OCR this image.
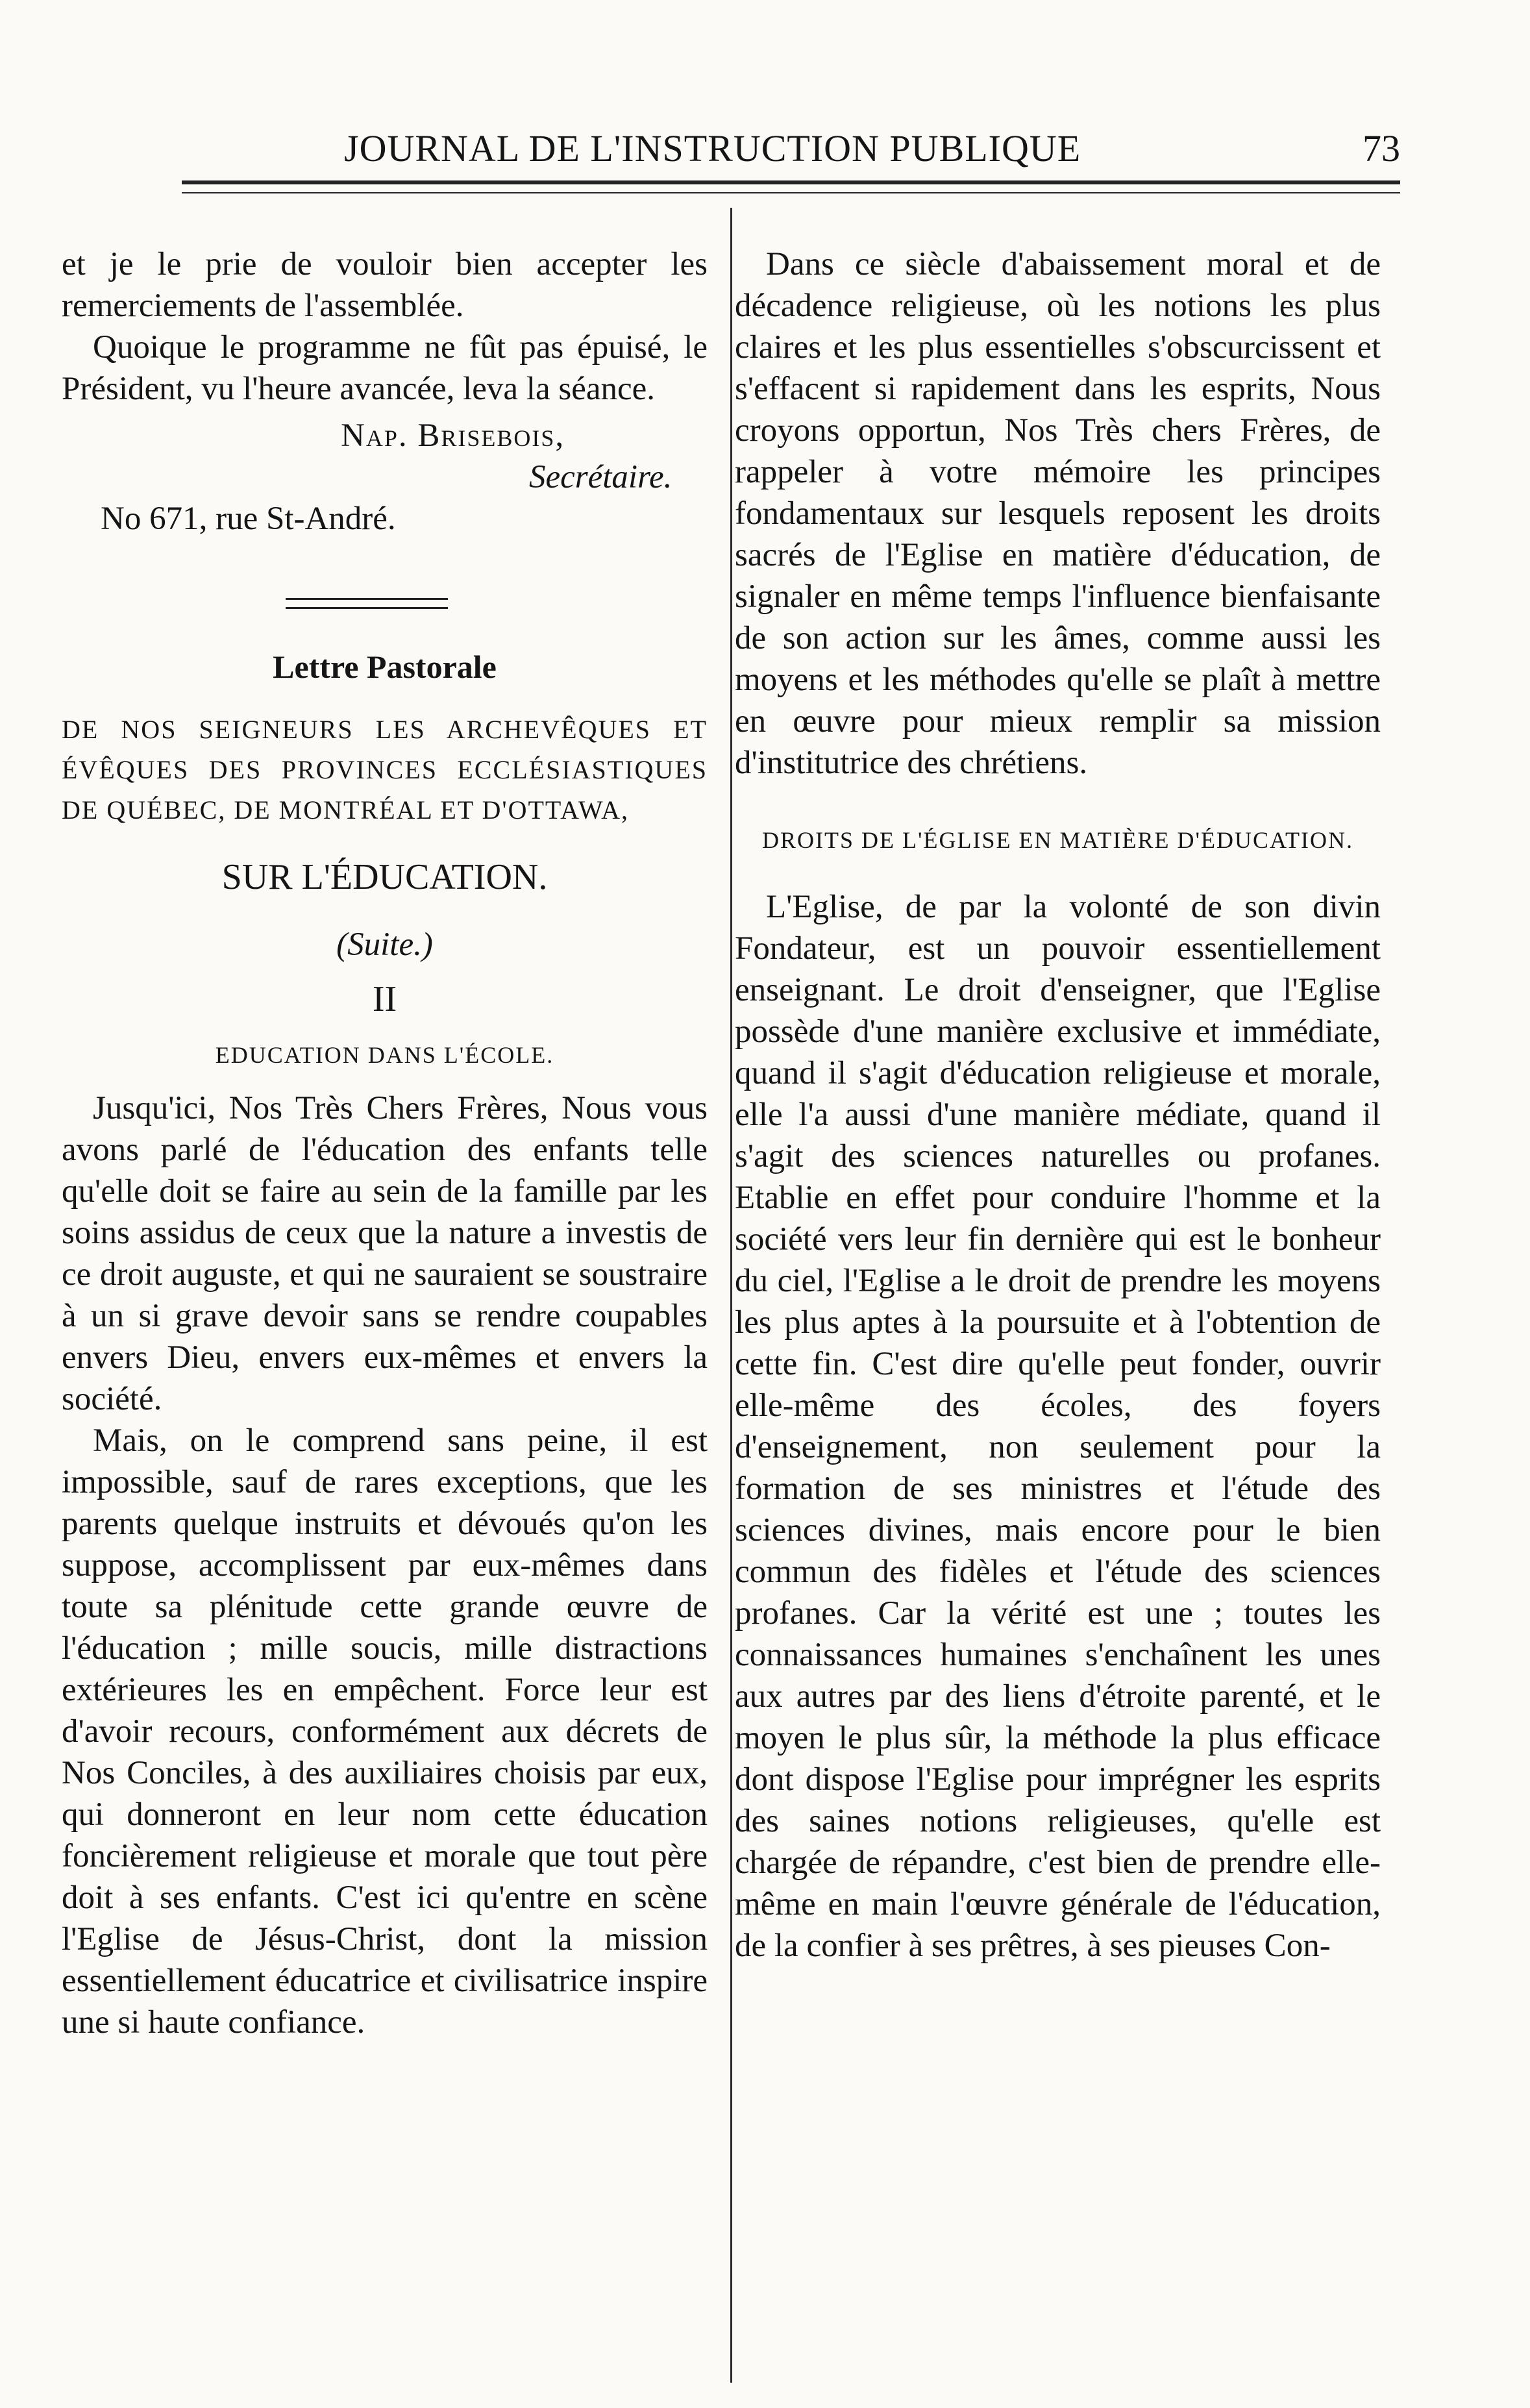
JOURNAL DE L'INSTRUCTION PUBLIQUE	73

et je le prie de vouloir bien accepter les remerciements de l'assemblée.

Quoique le programme ne fût pas épuisé, le Président, vu l'heure avancée, leva la séance.

Nap. Brisebois,
Secrétaire.
No 671, rue St-André.
Lettre Pastorale
DE NOS SEIGNEURS LES ARCHEVÊQUES ET ÉVÊQUES DES PROVINCES ECCLÉSIASTIQUES DE QUÉBEC, DE MONTRÉAL ET D'OTTAWA,
SUR L'ÉDUCATION.
(Suite.)
II
EDUCATION DANS L'ÉCOLE.

Jusqu'ici, Nos Très Chers Frères, Nous vous avons parlé de l'éducation des enfants telle qu'elle doit se faire au sein de la famille par les soins assidus de ceux que la nature a investis de ce droit auguste, et qui ne sauraient se soustraire à un si grave devoir sans se rendre coupables envers Dieu, envers eux-mêmes et envers la société.

Mais, on le comprend sans peine, il est impossible, sauf de rares exceptions, que les parents quelque instruits et dévoués qu'on les suppose, accomplissent par eux-mêmes dans toute sa plénitude cette grande œuvre de l'éducation ; mille soucis, mille distractions extérieures les en empêchent. Force leur est d'avoir recours, conformément aux décrets de Nos Conciles, à des auxiliaires choisis par eux, qui donneront en leur nom cette éducation foncièrement religieuse et morale que tout père doit à ses enfants. C'est ici qu'entre en scène l'Eglise de Jésus-Christ, dont la mission essentiellement éducatrice et civilisatrice inspire une si haute confiance.

Dans ce siècle d'abaissement moral et de décadence religieuse, où les notions les plus claires et les plus essentielles s'obscurcissent et s'effacent si rapidement dans les esprits, Nous croyons opportun, Nos Très chers Frères, de rappeler à votre mémoire les principes fondamentaux sur lesquels reposent les droits sacrés de l'Eglise en matière d'éducation, de signaler en même temps l'influence bienfaisante de son action sur les âmes, comme aussi les moyens et les méthodes qu'elle se plaît à mettre en œuvre pour mieux remplir sa mission d'institutrice des chrétiens.

DROITS DE L'ÉGLISE EN MATIÈRE D'ÉDUCATION.

L'Eglise, de par la volonté de son divin Fondateur, est un pouvoir essentiellement enseignant. Le droit d'enseigner, que l'Eglise possède d'une manière exclusive et immédiate, quand il s'agit d'éducation religieuse et morale, elle l'a aussi d'une manière médiate, quand il s'agit des sciences naturelles ou profanes. Etablie en effet pour conduire l'homme et la société vers leur fin dernière qui est le bonheur du ciel, l'Eglise a le droit de prendre les moyens les plus aptes à la poursuite et à l'obtention de cette fin. C'est dire qu'elle peut fonder, ouvrir elle-même des écoles, des foyers d'enseignement, non seulement pour la formation de ses ministres et l'étude des sciences divines, mais encore pour le bien commun des fidèles et l'étude des sciences profanes. Car la vérité est une ; toutes les connaissances humaines s'enchaînent les unes aux autres par des liens d'étroite parenté, et le moyen le plus sûr, la méthode la plus efficace dont dispose l'Eglise pour imprégner les esprits des saines notions religieuses, qu'elle est chargée de répandre, c'est bien de prendre elle-même en main l'œuvre générale de l'éducation, de la confier à ses prêtres, à ses pieuses Con-
